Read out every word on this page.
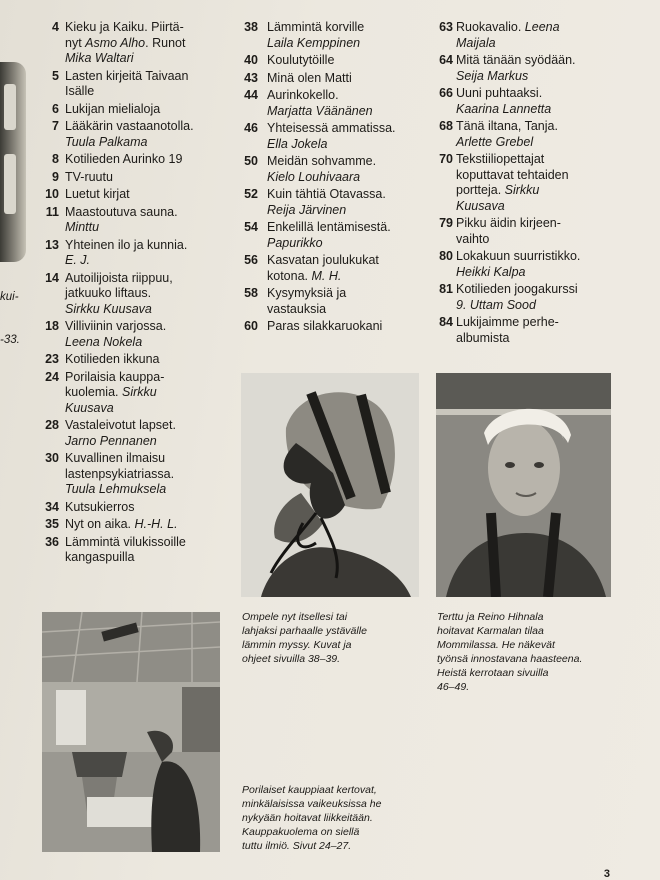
kui-
-33.
4 Kieku ja Kaiku. Piirtä-
nyt Asmo Alho. Runot
Mika Waltari
5 Lasten kirjeitä Taivaan
Isälle
6 Lukijan mielialoja
7 Lääkärin vastaanotolla.
Tuula Palkama
8 Kotilieden Aurinko 19
9 TV-ruutu
10 Luetut kirjat
11 Maastoutuva sauna.
Minttu
13 Yhteinen ilo ja kunnia.
E. J.
14 Autoilijoista riippuu,
jatkuuko liftaus.
Sirkku Kuusava
18 Villiviinin varjossa.
Leena Nokela
23 Kotilieden ikkuna
24 Porilaisia kauppa-
kuolemia. Sirkku
Kuusava
28 Vastaleivotut lapset.
Jarno Pennanen
30 Kuvallinen ilmaisu
lastenpsykiatriassa.
Tuula Lehmuksela
34 Kutsukierros
35 Nyt on aika. H.-H. L.
36 Lämmintä vilukissoille
kangaspuilla
38 Lämmintä korville
Laila Kemppinen
40 Koulutytöille
43 Minä olen Matti
44 Aurinkokello.
Marjatta Väänänen
46 Yhteisessä ammatissa.
Ella Jokela
50 Meidän sohvamme.
Kielo Louhivaara
52 Kuin tähtiä Otavassa.
Reija Järvinen
54 Enkelillä lentämisestä.
Papurikko
56 Kasvatan joulukukat
kotona. M. H.
58 Kysymyksiä ja
vastauksia
60 Paras silakkaruokani
63 Ruokavalio. Leena
Maijala
64 Mitä tänään syödään.
Seija Markus
66 Uuni puhtaaksi.
Kaarina Lannetta
68 Tänä iltana, Tanja.
Arlette Grebel
70 Tekstiiliopettajat
koputtavat tehtaiden
portteja. Sirkku
Kuusava
79 Pikku äidin kirjeen-
vaihto
80 Lokakuun suurristikko.
Heikki Kalpa
81 Kotilieden joogakurssi
9. Uttam Sood
84 Lukijaimme perhe-
albumista
Ompele nyt itsellesi tai
lahjaksi parhaalle ystävälle
lämmin myssy. Kuvat ja
ohjeet sivuilla 38–39.
Terttu ja Reino Hihnala
hoitavat Karmalan tilaa
Mommilassa. He näkevät
työnsä innostavana haasteena.
Heistä kerrotaan sivuilla
46–49.
Porilaiset kauppiaat kertovat,
minkälaisissa vaikeuksissa he
nykyään hoitavat liikkeitään.
Kauppakuolema on siellä
tuttu ilmiö. Sivut 24–27.
3
